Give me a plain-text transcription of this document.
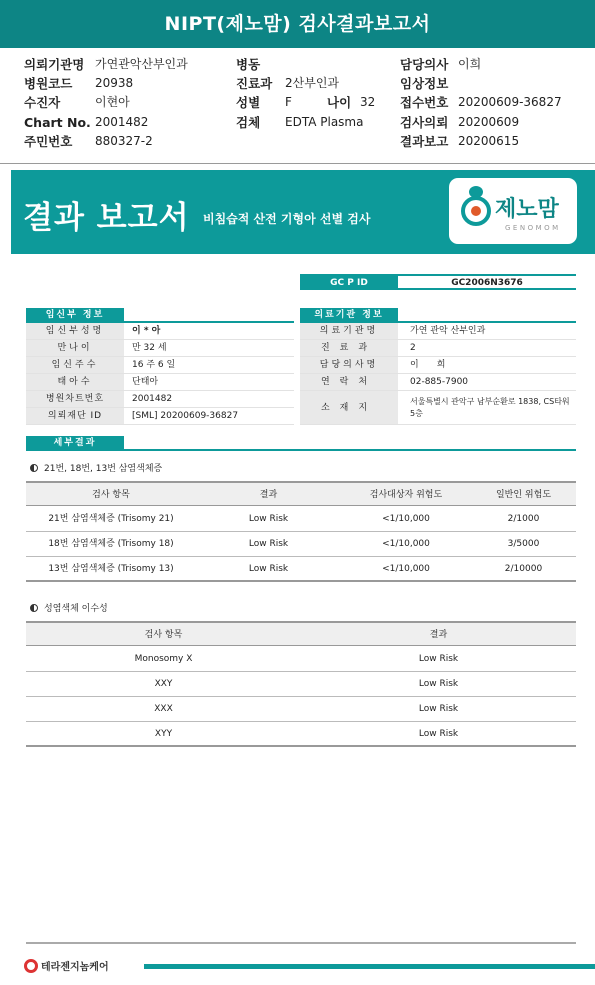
NIPT(제노맘) 검사결과보고서
의뢰기관명 가연관악산부인과
병원코드 20938
수진자	이현아
Chart No. 2001482
주민번호 880327-2
병동
진료과 2산부인과
성별 F	나이 32
검체 EDTA Plasma
담당의사 이희
임상정보
접수번호 20200609-36827
검사의뢰 20200609
결과보고 20200615
결과 보고서 비침습적 산전 기형아 선별 검사	제노맘
GENOMOM
GC P ID	GC2006N3676
임신부 정보	의료기관 정보
임신부성명	이 * 아
만나이	만 32 세
임신주수	16 주 6 일
태아수	단태아
병원차트번호	2001482
의뢰재단 ID	[SML] 20200609-36827
의료기관명	가연 관악 산부인과
진료과	2
담당의사명	이　　희
연락처	02-885-7900
소재지
서울특별시 관악구 남부순환로 1838, CS타워 5층
세부결과
21번, 18번, 13번 삼염색체증
검사 항목	결과	검사대상자 위험도	일반인 위험도
21번 삼염색체증 (Trisomy 21)	Low Risk	<1/10,000	2/1000
18번 삼염색체증 (Trisomy 18)	Low Risk	<1/10,000	3/5000
13번 삼염색체증 (Trisomy 13)	Low Risk	<1/10,000	2/10000
성염색체 이수성
검사 항목	결과
Monosomy X	Low Risk
XXY	Low Risk
XXX	Low Risk
XYY	Low Risk
테라젠지놈케어
